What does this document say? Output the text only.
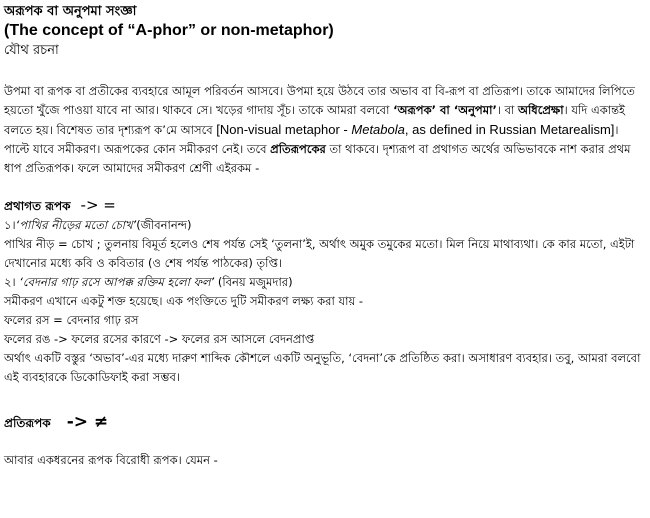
অরূপক বা অনুপমা সংজ্ঞা

(The concept of “A-phor” or non-metaphor)

যৌথ রচনা

উপমা বা রূপক বা প্রতীকের ব্যবহারে আমূল পরিবর্তন আসবে। উপমা হয়ে উঠবে তার অভাব বা বি-রূপ বা প্রতিরূপ। তাকে আমাদের লিপিতে হয়তো খুঁজে পাওয়া যাবে না আর। থাকবে সে। খড়ের গাদায় সূঁচ। তাকে আমরা বলবো ‘অরূপক’ বা ‘অনুপমা’। বা অধিপ্রেক্ষা। যদি একান্তই বলতে হয়। বিশেষত তার দৃশ্যরূপ ক’মে আসবে [Non-visual metaphor - Metabola, as defined in Russian Metarealism]। পাল্টে যাবে সমীকরণ। অরূপকের কোন সমীকরণ নেই। তবে প্রতিরূপকের তা থাকবে। দৃশ্যরূপ বা প্রথাগত অর্থের অভিভাবকে নাশ করার প্রথম ধাপ প্রতিরূপক। ফলে আমাদের সমীকরণ শ্রেণী এইরকম -

প্রথাগত রূপক -> =

১।‘পাখির নীড়ের মতো চোখ’(জীবনানন্দ)

পাখির নীড় = চোখ ; তুলনায় বিমূর্ত হলেও শেষ পর্যন্ত সেই ‘তুলনা’ই, অর্থাৎ অমুক তমুকের মতো। মিল নিয়ে মাথাব্যথা। কে কার মতো, এইটা দেখানোর মধ্যে কবি ও কবিতার (ও শেষ পর্যন্ত পাঠকের) তৃপ্তি।

২। ‘বেদনার গাঢ় রসে আপক্ক রক্তিম হলো ফল’ (বিনয় মজুমদার)

সমীকরণ এখানে একটু শক্ত হয়েছে। এক পংক্তিতে দুটি সমীকরণ লক্ষ্য করা যায় -

ফলের রস = বেদনার গাঢ় রস

ফলের রঙ -> ফলের রসের কারণে -> ফলের রস আসলে বেদনপ্রাপ্ত

অর্থাৎ একটি বস্তুর ‘অভাব’-এর মধ্যে দারুণ শাব্দিক কৌশলে একটি অনুভূতি, ‘বেদনা’কে প্রতিষ্ঠিত করা। অসাধারণ ব্যবহার। তবু, আমরা বলবো এই ব্যবহারকে ডিকোডিফাই করা সম্ভব।

প্রতিরূপক -> ≠

আবার একধরনের রূপক বিরোধী রূপক। যেমন -
